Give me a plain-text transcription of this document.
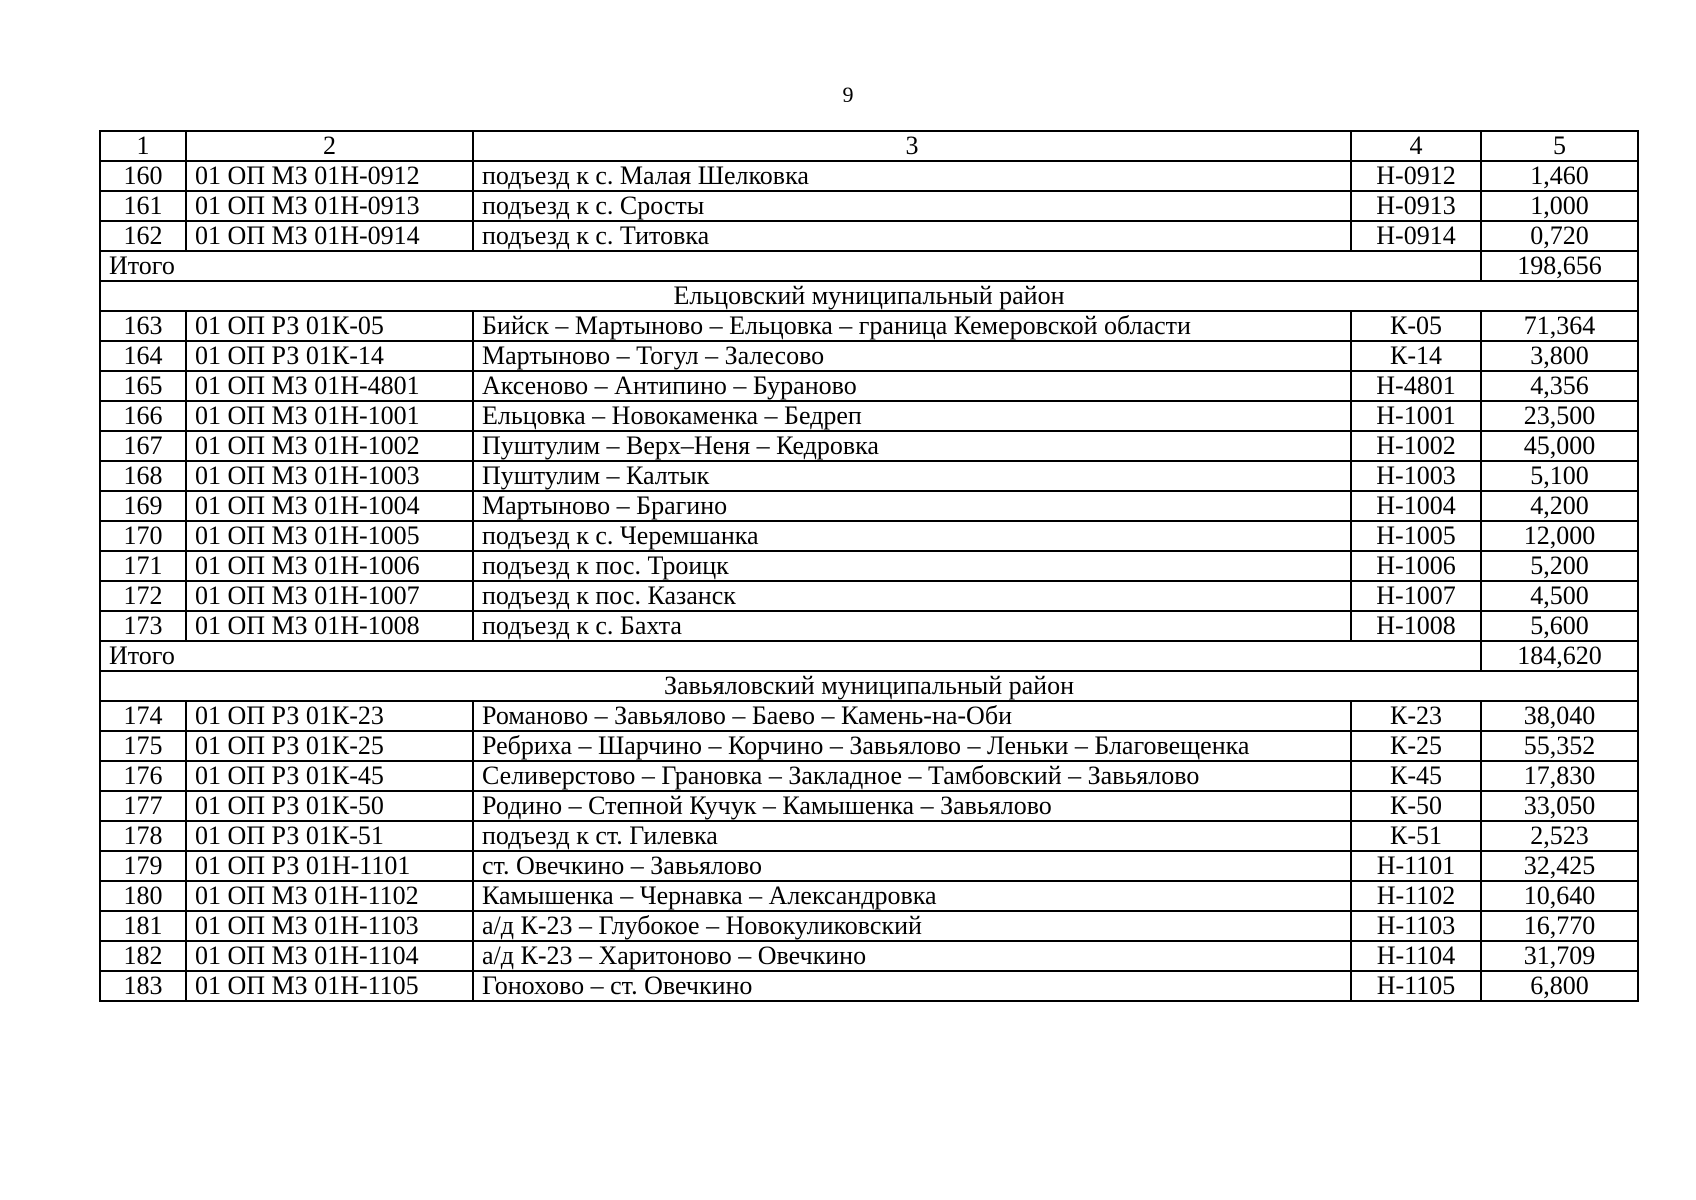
9
1	2	3	4	5
160	01 ОП МЗ 01Н-0912	подъезд к с. Малая Шелковка	Н-0912	1,460
161	01 ОП МЗ 01Н-0913	подъезд к с. Сросты	Н-0913	1,000
162	01 ОП МЗ 01Н-0914	подъезд к с. Титовка	Н-0914	0,720
Итого				198,656
Ельцовский муниципальный район				
163	01 ОП РЗ 01К-05	Бийск – Мартыново – Ельцовка – граница Кемеровской области	К-05	71,364
164	01 ОП РЗ 01К-14	Мартыново – Тогул – Залесово	К-14	3,800
165	01 ОП МЗ 01Н-4801	Аксеново – Антипино – Бураново	Н-4801	4,356
166	01 ОП МЗ 01Н-1001	Ельцовка – Новокаменка – Бедреп	Н-1001	23,500
167	01 ОП МЗ 01Н-1002	Пуштулим – Верх–Неня – Кедровка	Н-1002	45,000
168	01 ОП МЗ 01Н-1003	Пуштулим – Калтык	Н-1003	5,100
169	01 ОП МЗ 01Н-1004	Мартыново – Брагино	Н-1004	4,200
170	01 ОП МЗ 01Н-1005	подъезд к с. Черемшанка	Н-1005	12,000
171	01 ОП МЗ 01Н-1006	подъезд к пос. Троицк	Н-1006	5,200
172	01 ОП МЗ 01Н-1007	подъезд к пос. Казанск	Н-1007	4,500
173	01 ОП МЗ 01Н-1008	подъезд к с. Бахта	Н-1008	5,600
Итого				184,620
Завьяловский муниципальный район				
174	01 ОП РЗ 01К-23	Романово – Завьялово – Баево – Камень-на-Оби	К-23	38,040
175	01 ОП РЗ 01К-25	Ребриха – Шарчино – Корчино – Завьялово – Леньки – Благовещенка	К-25	55,352
176	01 ОП РЗ 01К-45	Селиверстово – Грановка – Закладное – Тамбовский – Завьялово	К-45	17,830
177	01 ОП РЗ 01К-50	Родино – Степной Кучук – Камышенка – Завьялово	К-50	33,050
178	01 ОП РЗ 01К-51	подъезд к ст. Гилевка	К-51	2,523
179	01 ОП РЗ 01Н-1101	ст. Овечкино – Завьялово	Н-1101	32,425
180	01 ОП МЗ 01Н-1102	Камышенка – Чернавка – Александровка	Н-1102	10,640
181	01 ОП МЗ 01Н-1103	а/д К-23 – Глубокое – Новокуликовский	Н-1103	16,770
182	01 ОП МЗ 01Н-1104	а/д К-23 – Харитоново – Овечкино	Н-1104	31,709
183	01 ОП МЗ 01Н-1105	Гонохово – ст. Овечкино	Н-1105	6,800
